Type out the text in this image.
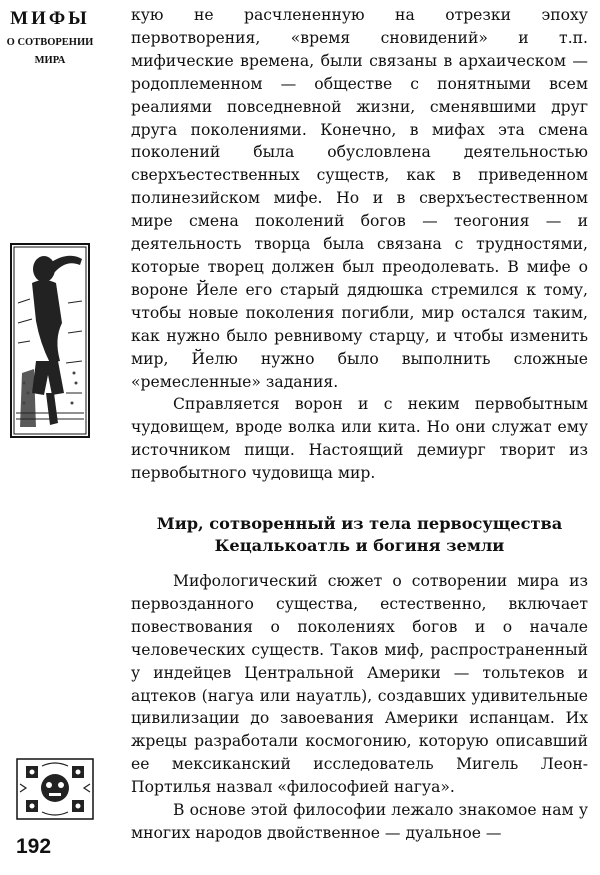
МИФЫ
О СОТВОРЕНИИ
МИРА
192

кую не расчлененную на отрезки эпоху первотворения, «время сновидений» и т.п. мифические времена, были связаны в архаическом — родоплеменном — обществе с понятными всем реалиями повседневной жизни, сменявшими друг друга поколениями. Конечно, в мифах эта смена поколений была обусловлена деятельностью сверхъестественных существ, как в приведенном полинезийском мифе. Но и в сверхъестественном мире смена поколений богов — теогония — и деятельность творца была связана с трудностями, которые творец должен был преодолевать. В мифе о вороне Йеле его старый дядюшка стремился к тому, чтобы новые поколения погибли, мир остался таким, как нужно было ревнивому старцу, и чтобы изменить мир, Йелю нужно было выполнить сложные «ремесленные» задания.

Справляется ворон и с неким первобытным чудовищем, вроде волка или кита. Но они служат ему источником пищи. Настоящий демиург творит из первобытного чудовища мир.

Мир, сотворенный из тела первосущества
Кецалькоатль и богиня земли

Мифологический сюжет о сотворении мира из первозданного существа, естественно, включает повествования о поколениях богов и о начале человеческих существ. Таков миф, распространенный у индейцев Центральной Америки — тольтеков и ацтеков (нагуа или науатль), создавших удивительные цивилизации до завоевания Америки испанцам. Их жрецы разработали космогонию, которую описавший ее мексиканский исследователь Мигель Леон-Портилья назвал «философией нагуа».

В основе этой философии лежало знакомое нам у многих народов двойственное — дуальное —
